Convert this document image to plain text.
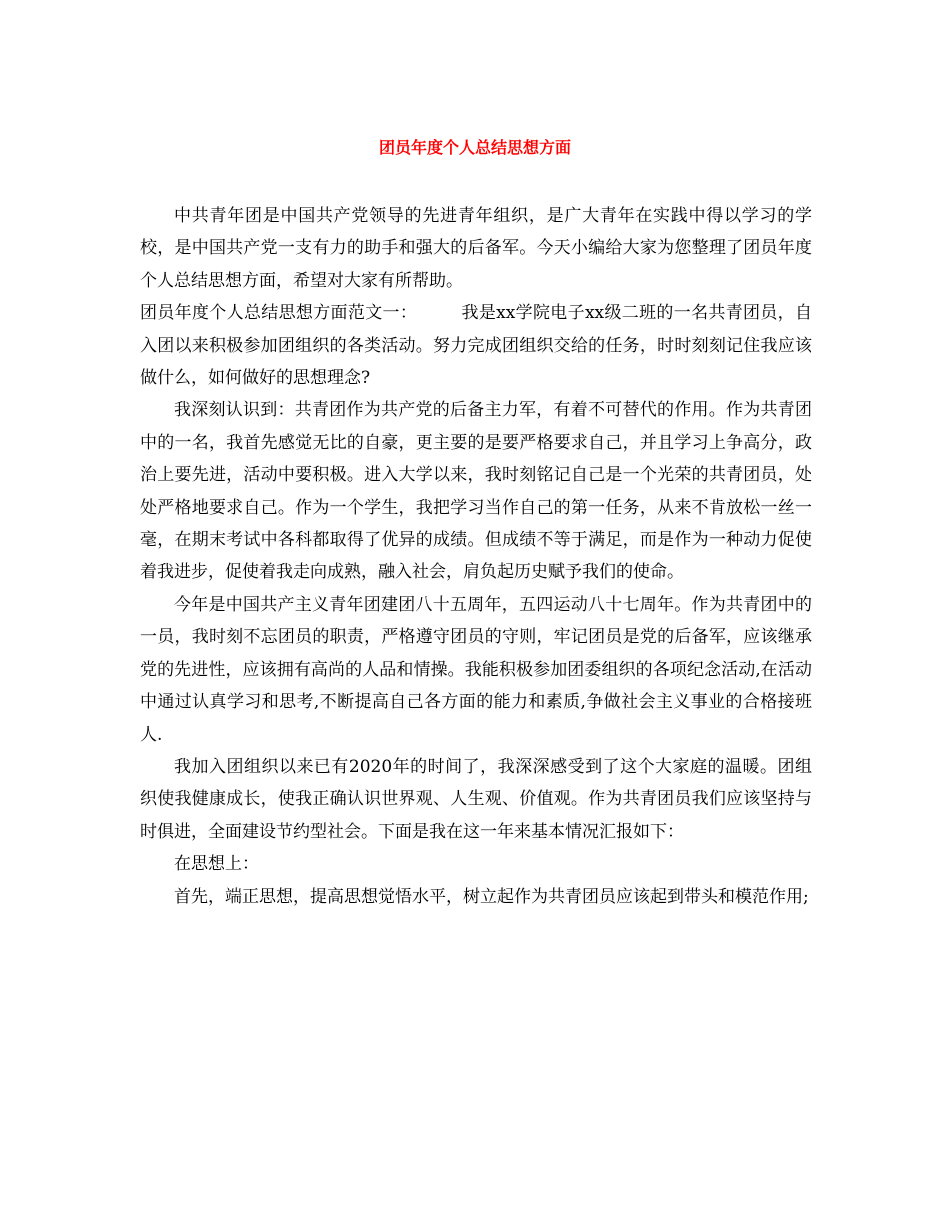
团员年度个人总结思想方面

中共青年团是中国共产党领导的先进青年组织，是广大青年在实践中得以学习的学校，是中国共产党一支有力的助手和强大的后备军。今天小编给大家为您整理了团员年度个人总结思想方面，希望对大家有所帮助。

团员年度个人总结思想方面范文一：	我是xx学院电子xx级二班的一名共青团员，自入团以来积极参加团组织的各类活动。努力完成团组织交给的任务，时时刻刻记住我应该做什么，如何做好的思想理念?

我深刻认识到：共青团作为共产党的后备主力军，有着不可替代的作用。作为共青团中的一名，我首先感觉无比的自豪，更主要的是要严格要求自己，并且学习上争高分，政治上要先进，活动中要积极。进入大学以来，我时刻铭记自己是一个光荣的共青团员，处处严格地要求自己。作为一个学生，我把学习当作自己的第一任务，从来不肯放松一丝一毫，在期末考试中各科都取得了优异的成绩。但成绩不等于满足，而是作为一种动力促使着我进步，促使着我走向成熟，融入社会，肩负起历史赋予我们的使命。

今年是中国共产主义青年团建团八十五周年，五四运动八十七周年。作为共青团中的一员，我时刻不忘团员的职责，严格遵守团员的守则，牢记团员是党的后备军，应该继承党的先进性，应该拥有高尚的人品和情操。我能积极参加团委组织的各项纪念活动,在活动中通过认真学习和思考,不断提高自己各方面的能力和素质,争做社会主义事业的合格接班人.

我加入团组织以来已有2020年的时间了，我深深感受到了这个大家庭的温暖。团组织使我健康成长，使我正确认识世界观、人生观、价值观。作为共青团员我们应该坚持与时俱进，全面建设节约型社会。下面是我在这一年来基本情况汇报如下：

在思想上：

首先，端正思想，提高思想觉悟水平，树立起作为共青团员应该起到带头和模范作用;
